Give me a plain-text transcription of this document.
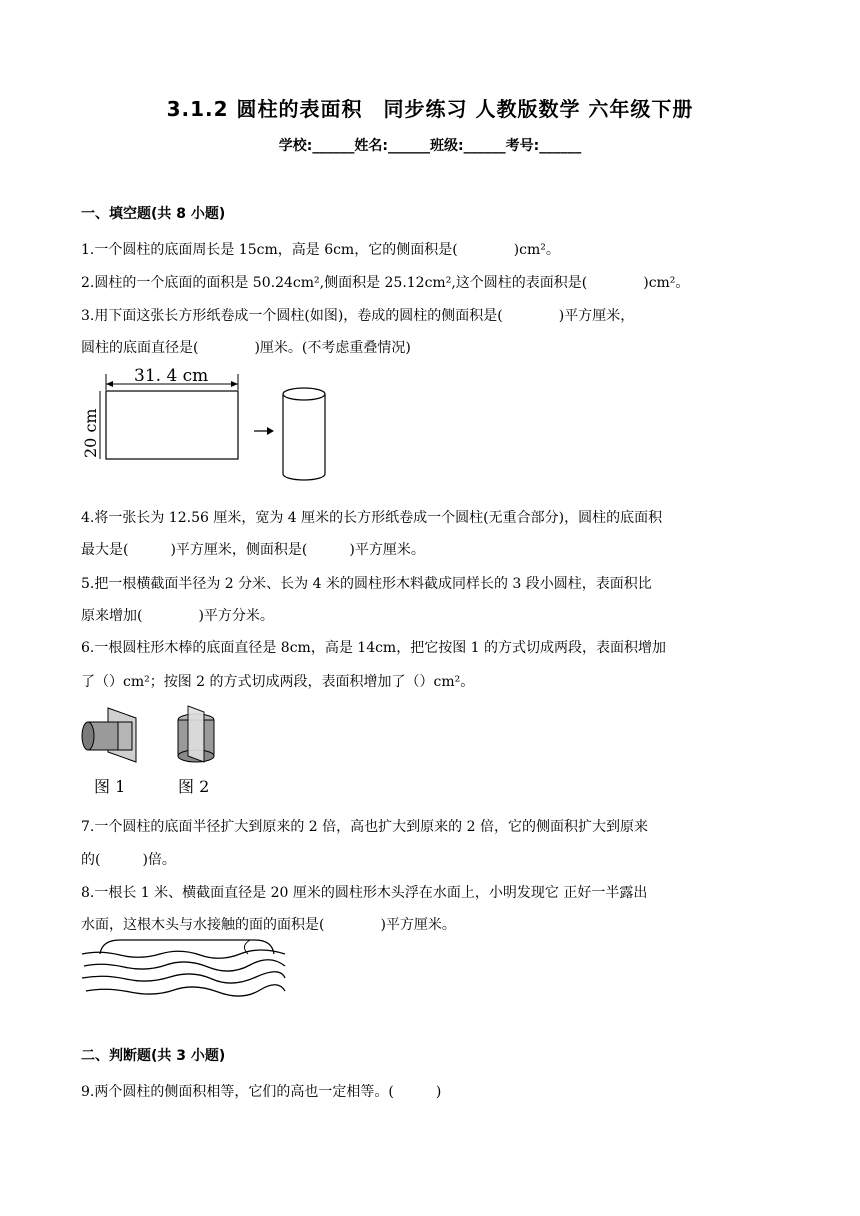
3.1.2 圆柱的表面积　同步练习 人教版数学 六年级下册
学校:______姓名:______班级:______考号:______
一、填空题(共 8 小题)
1.一个圆柱的底面周长是 15cm，高是 6cm，它的侧面积是(　　　　)cm²。
2.圆柱的一个底面的面积是 50.24cm²,侧面积是 25.12cm²,这个圆柱的表面积是(　　　　)cm²。
3.用下面这张长方形纸卷成一个圆柱(如图)，卷成的圆柱的侧面积是(　　　　)平方厘米，
圆柱的底面直径是(　　　　)厘米。(不考虑重叠情况)
31. 4 cm
20 cm
4.将一张长为 12.56 厘米，宽为 4 厘米的长方形纸卷成一个圆柱(无重合部分)，圆柱的底面积
最大是(　　　)平方厘米，侧面积是(　　　)平方厘米。
5.把一根横截面半径为 2 分米、长为 4 米的圆柱形木料截成同样长的 3 段小圆柱，表面积比
原来增加(　　　　)平方分米。
6.一根圆柱形木棒的底面直径是 8cm，高是 14cm，把它按图 1 的方式切成两段，表面积增加
了（）cm²；按图 2 的方式切成两段，表面积增加了（）cm²。
图 1	图 2
7.一个圆柱的底面半径扩大到原来的 2 倍，高也扩大到原来的 2 倍，它的侧面积扩大到原来
的(　　　)倍。
8.一根长 1 米、横截面直径是 20 厘米的圆柱形木头浮在水面上，小明发现它 正好一半露出
水面，这根木头与水接触的面的面积是(　　　　)平方厘米。
二、判断题(共 3 小题)
9.两个圆柱的侧面积相等，它们的高也一定相等。(　　　)
